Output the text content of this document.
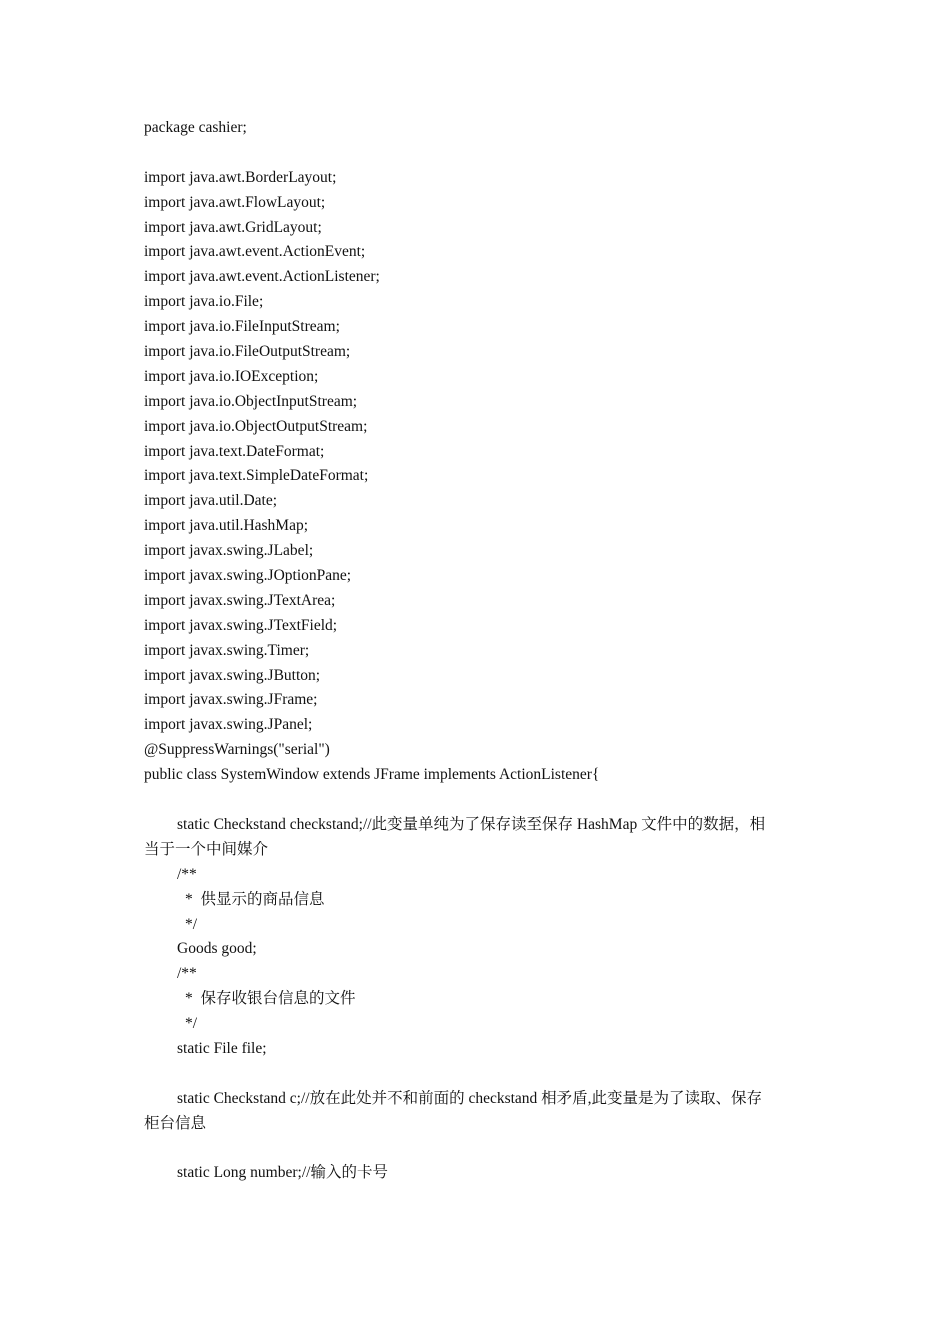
package cashier;
import java.awt.BorderLayout;
import java.awt.FlowLayout;
import java.awt.GridLayout;
import java.awt.event.ActionEvent;
import java.awt.event.ActionListener;
import java.io.File;
import java.io.FileInputStream;
import java.io.FileOutputStream;
import java.io.IOException;
import java.io.ObjectInputStream;
import java.io.ObjectOutputStream;
import java.text.DateFormat;
import java.text.SimpleDateFormat;
import java.util.Date;
import java.util.HashMap;
import javax.swing.JLabel;
import javax.swing.JOptionPane;
import javax.swing.JTextArea;
import javax.swing.JTextField;
import javax.swing.Timer;
import javax.swing.JButton;
import javax.swing.JFrame;
import javax.swing.JPanel;
@SuppressWarnings("serial")
public class SystemWindow extends JFrame implements ActionListener{
static Checkstand checkstand;//此变量单纯为了保存读至保存 HashMap 文件中的数据，相
当于一个中间媒介
/**
*  供显示的商品信息
*/
Goods good;
/**
*  保存收银台信息的文件
*/
static File file;
static Checkstand c;//放在此处并不和前面的 checkstand 相矛盾,此变量是为了读取、保存
柜台信息
static Long number;//输入的卡号
